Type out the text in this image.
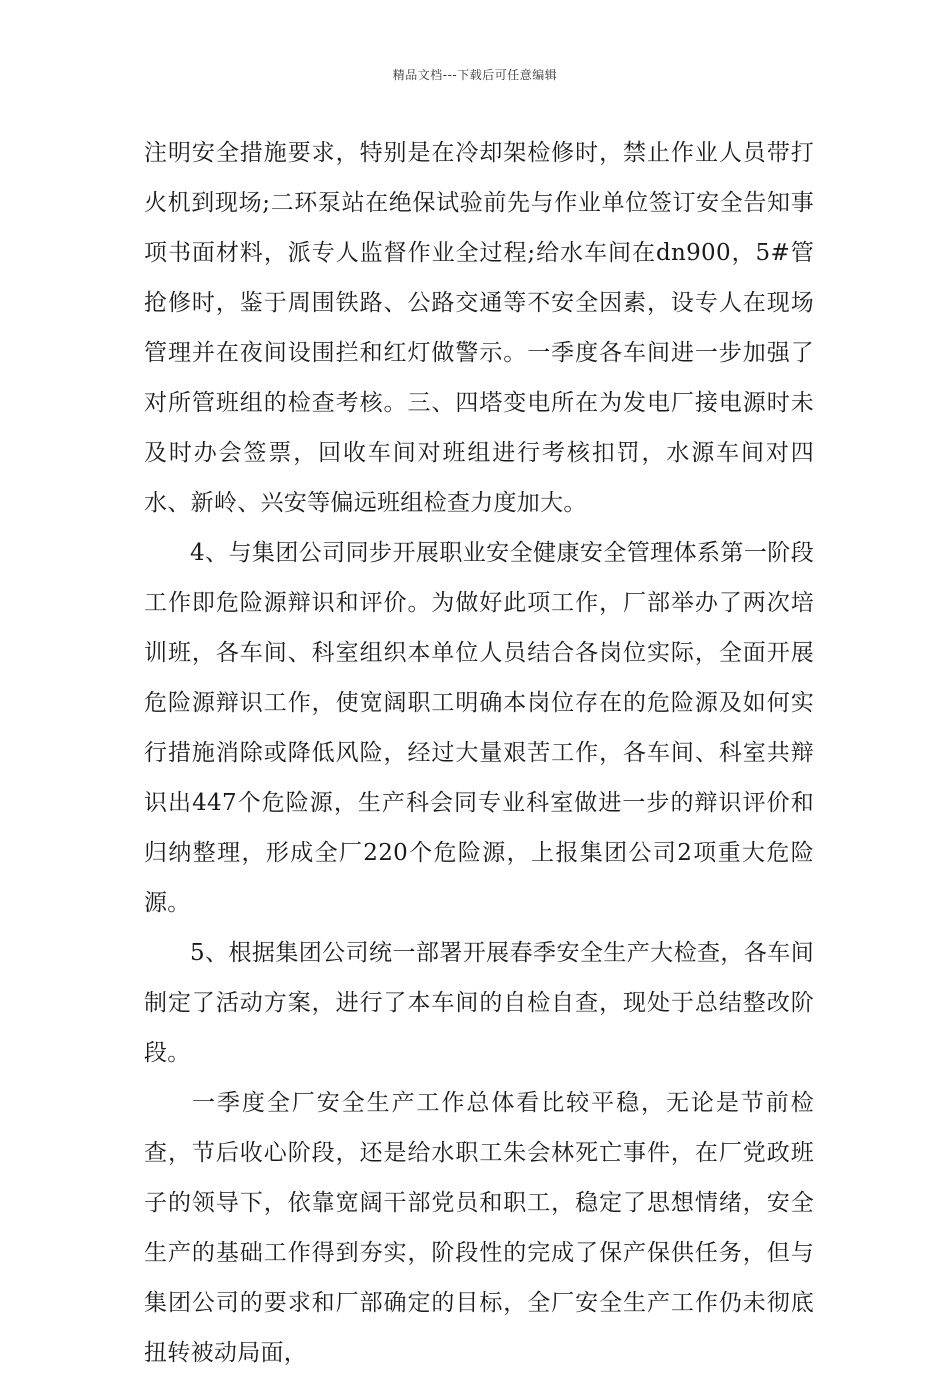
精品文档---下载后可任意编辑

注明安全措施要求，特别是在冷却架检修时，禁止作业人员带打火机到现场;二环泵站在绝保试验前先与作业单位签订安全告知事项书面材料，派专人监督作业全过程;给水车间在dn900，5#管抢修时，鉴于周围铁路、公路交通等不安全因素，设专人在现场管理并在夜间设围拦和红灯做警示。一季度各车间进一步加强了对所管班组的检查考核。三、四塔变电所在为发电厂接电源时未及时办会签票，回收车间对班组进行考核扣罚，水源车间对四水、新岭、兴安等偏远班组检查力度加大。

4、与集团公司同步开展职业安全健康安全管理体系第一阶段工作即危险源辩识和评价。为做好此项工作，厂部举办了两次培训班，各车间、科室组织本单位人员结合各岗位实际，全面开展危险源辩识工作，使宽阔职工明确本岗位存在的危险源及如何实行措施消除或降低风险，经过大量艰苦工作，各车间、科室共辩识出447个危险源，生产科会同专业科室做进一步的辩识评价和归纳整理，形成全厂220个危险源，上报集团公司2项重大危险源。

5、根据集团公司统一部署开展春季安全生产大检查，各车间制定了活动方案，进行了本车间的自检自查，现处于总结整改阶段。

一季度全厂安全生产工作总体看比较平稳，无论是节前检查，节后收心阶段，还是给水职工朱会林死亡事件，在厂党政班子的领导下，依靠宽阔干部党员和职工，稳定了思想情绪，安全生产的基础工作得到夯实，阶段性的完成了保产保供任务，但与集团公司的要求和厂部确定的目标，全厂安全生产工作仍未彻底扭转被动局面，
